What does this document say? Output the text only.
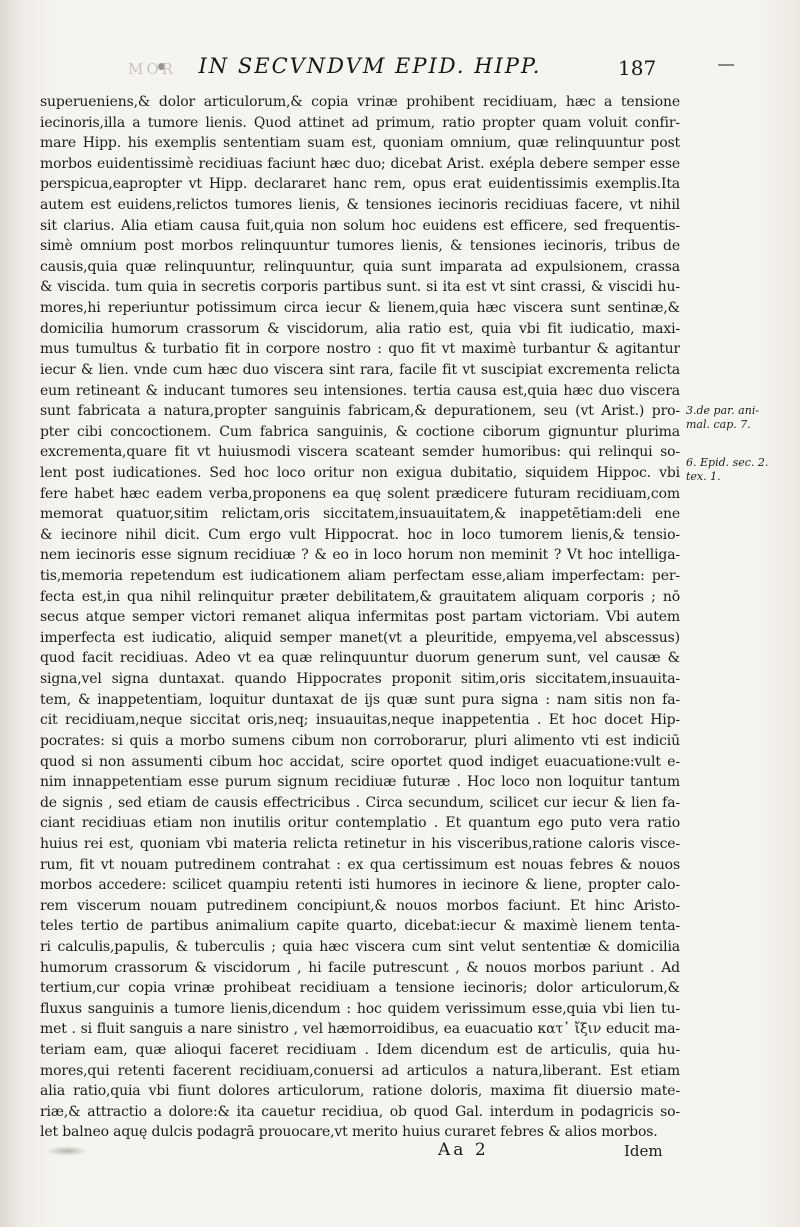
MOR	IN SECVNDVM EPID. HIPP.	187
superueniens,& dolor articulorum,& copia vrinæ prohibent recidiuam, hæc a tensione
iecinoris,illa a tumore lienis. Quod attinet ad primum, ratio propter quam voluit confir-
mare Hipp. his exemplis sententiam suam est, quoniam omnium, quæ relinquuntur post
morbos euidentissimè recidiuas faciunt hæc duo; dicebat Arist. exépla debere semper esse
perspicua,eapropter vt Hipp. declararet hanc rem, opus erat euidentissimis exemplis.Ita
autem est euidens,relictos tumores lienis, & tensiones iecinoris recidiuas facere, vt nihil
sit clarius. Alia etiam causa fuit,quia non solum hoc euidens est efficere, sed frequentis-
simè omnium post morbos relinquuntur tumores lienis, & tensiones iecinoris, tribus de
causis,quia quæ relinquuntur, relinquuntur, quia sunt imparata ad expulsionem, crassa
& viscida. tum quia in secretis corporis partibus sunt. si ita est vt sint crassi, & viscidi hu-
mores,hi reperiuntur potissimum circa iecur & lienem,quia hæc viscera sunt sentinæ,&
domicilia humorum crassorum & viscidorum, alia ratio est, quia vbi fit iudicatio, maxi-
mus tumultus & turbatio fit in corpore nostro : quo fit vt maximè turbantur & agitantur
iecur & lien. vnde cum hæc duo viscera sint rara, facile fit vt suscipiat excrementa relicta
eum retineant & inducant tumores seu intensiones. tertia causa est,quia hæc duo viscera
sunt fabricata a natura,propter sanguinis fabricam,& depurationem, seu (vt Arist.) pro-
pter cibi concoctionem. Cum fabrica sanguinis, & coctione ciborum gignuntur plurima
excrementa,quare fit vt huiusmodi viscera scateant semder humoribus: qui relinqui so-
lent post iudicationes. Sed hoc loco oritur non exigua dubitatio, siquidem Hippoc. vbi
fere habet hæc eadem verba,proponens ea quę solent prædicere futuram recidiuam,com
memorat quatuor,sitim relictam,oris siccitatem,insuauitatem,& inappetētiam:deli ene
& iecinore nihil dicit. Cum ergo vult Hippocrat. hoc in loco tumorem lienis,& tensio-
nem iecinoris esse signum recidiuæ ? & eo in loco horum non meminit ? Vt hoc intelliga-
tis,memoria repetendum est iudicationem aliam perfectam esse,aliam imperfectam: per-
fecta est,in qua nihil relinquitur præter debilitatem,& grauitatem aliquam corporis ; nō
secus atque semper victori remanet aliqua infermitas post partam victoriam. Vbi autem
imperfecta est iudicatio, aliquid semper manet(vt a pleuritide, empyema,vel abscessus)
quod facit recidiuas. Adeo vt ea quæ relinquuntur duorum generum sunt, vel causæ &
signa,vel signa duntaxat. quando Hippocrates proponit sitim,oris siccitatem,insuauita-
tem, & inappetentiam, loquitur duntaxat de ijs quæ sunt pura signa : nam sitis non fa-
cit recidiuam,neque siccitat oris,neq; insuauitas,neque inappetentia . Et hoc docet Hip-
pocrates: si quis a morbo sumens cibum non corroborarur, pluri alimento vti est indiciū
quod si non assumenti cibum hoc accidat, scire oportet quod indiget euacuatione:vult e-
nim innappetentiam esse purum signum recidiuæ futuræ . Hoc loco non loquitur tantum
de signis , sed etiam de causis effectricibus . Circa secundum, scilicet cur iecur & lien fa-
ciant recidiuas etiam non inutilis oritur contemplatio . Et quantum ego puto vera ratio
huius rei est, quoniam vbi materia relicta retinetur in his visceribus,ratione caloris visce-
rum, fit vt nouam putredinem contrahat : ex qua certissimum est nouas febres & nouos
morbos accedere: scilicet quampiu retenti isti humores in iecinore & liene, propter calo-
rem viscerum nouam putredinem concipiunt,& nouos morbos faciunt. Et hinc Aristo-
teles tertio de partibus animalium capite quarto, dicebat:iecur & maximè lienem tenta-
ri calculis,papulis, & tuberculis ; quia hæc viscera cum sint velut sententiæ & domicilia
humorum crassorum & viscidorum , hi facile putrescunt , & nouos morbos pariunt . Ad
tertium,cur copia vrinæ prohibeat recidiuam a tensione iecinoris; dolor articulorum,&
fluxus sanguinis a tumore lienis,dicendum : hoc quidem verissimum esse,quia vbi lien tu-
met . si fluit sanguis a nare sinistro , vel hæmorroidibus, ea euacuatio κατ᾽ ἴξιν educit ma-
teriam eam, quæ alioqui faceret recidiuam . Idem dicendum est de articulis, quia hu-
mores,qui retenti facerent recidiuam,conuersi ad articulos a natura,liberant. Est etiam
alia ratio,quia vbi fiunt dolores articulorum, ratione doloris, maxima fit diuersio mate-
riæ,& attractio a dolore:& ita cauetur recidiua, ob quod Gal. interdum in podagricis so-
let balneo aquę dulcis podagrā prouocare,vt merito huius curaret febres & alios morbos.
3.de par. ani-
mal. cap. 7.
6. Epid. sec. 2.
tex. 1.
Aa 2	Idem
